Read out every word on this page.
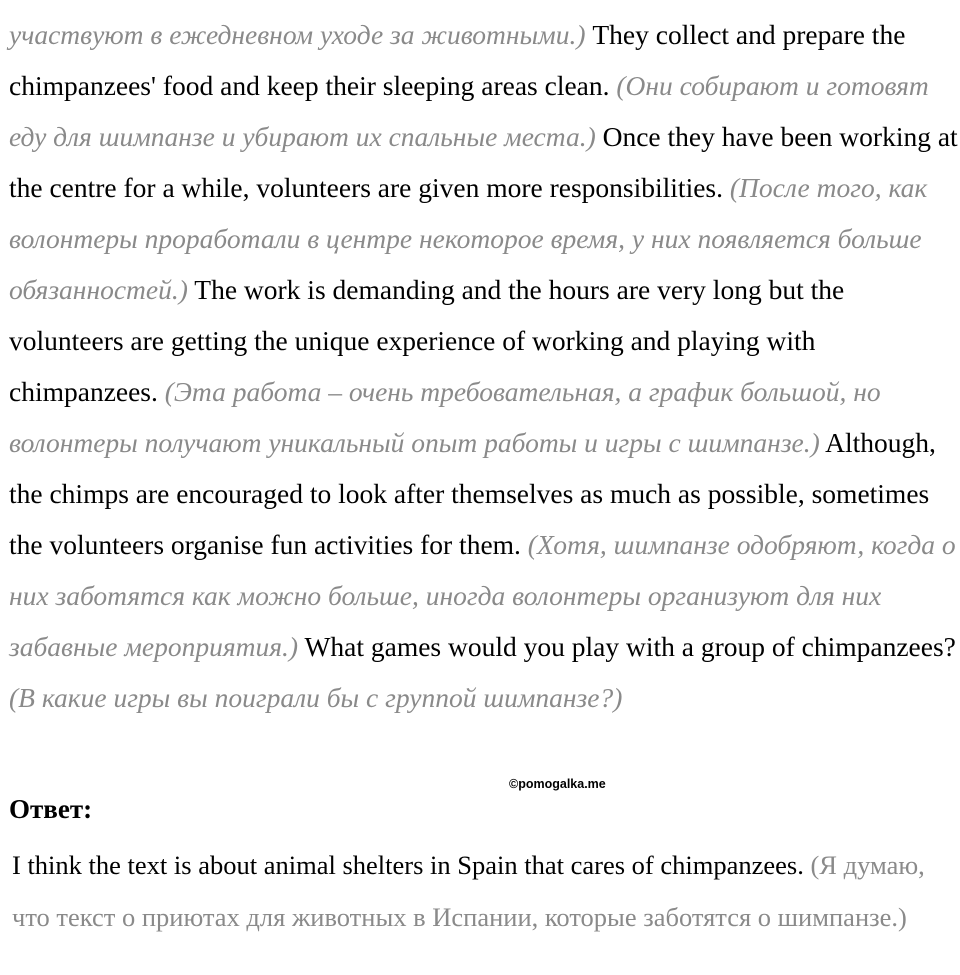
участвуют в ежедневном уходе за животными.) They collect and prepare the chimpanzees' food and keep their sleeping areas clean. (Они собирают и готовят еду для шимпанзе и убирают их спальные места.) Once they have been working at the centre for a while, volunteers are given more responsibilities. (После того, как волонтеры проработали в центре некоторое время, у них появляется больше обязанностей.) The work is demanding and the hours are very long but the volunteers are getting the unique experience of working and playing with chimpanzees. (Эта работа – очень требовательная, а график большой, но волонтеры получают уникальный опыт работы и игры с шимпанзе.) Although, the chimps are encouraged to look after themselves as much as possible, sometimes the volunteers organise fun activities for them. (Хотя, шимпанзе одобряют, когда о них заботятся как можно больше, иногда волонтеры организуют для них забавные мероприятия.) What games would you play with a group of chimpanzees? (В какие игры вы поиграли бы с группой шимпанзе?)

©pomogalka.me
Ответ:

I think the text is about animal shelters in Spain that cares of chimpanzees. (Я думаю, что текст о приютах для животных в Испании, которые заботятся о шимпанзе.)
